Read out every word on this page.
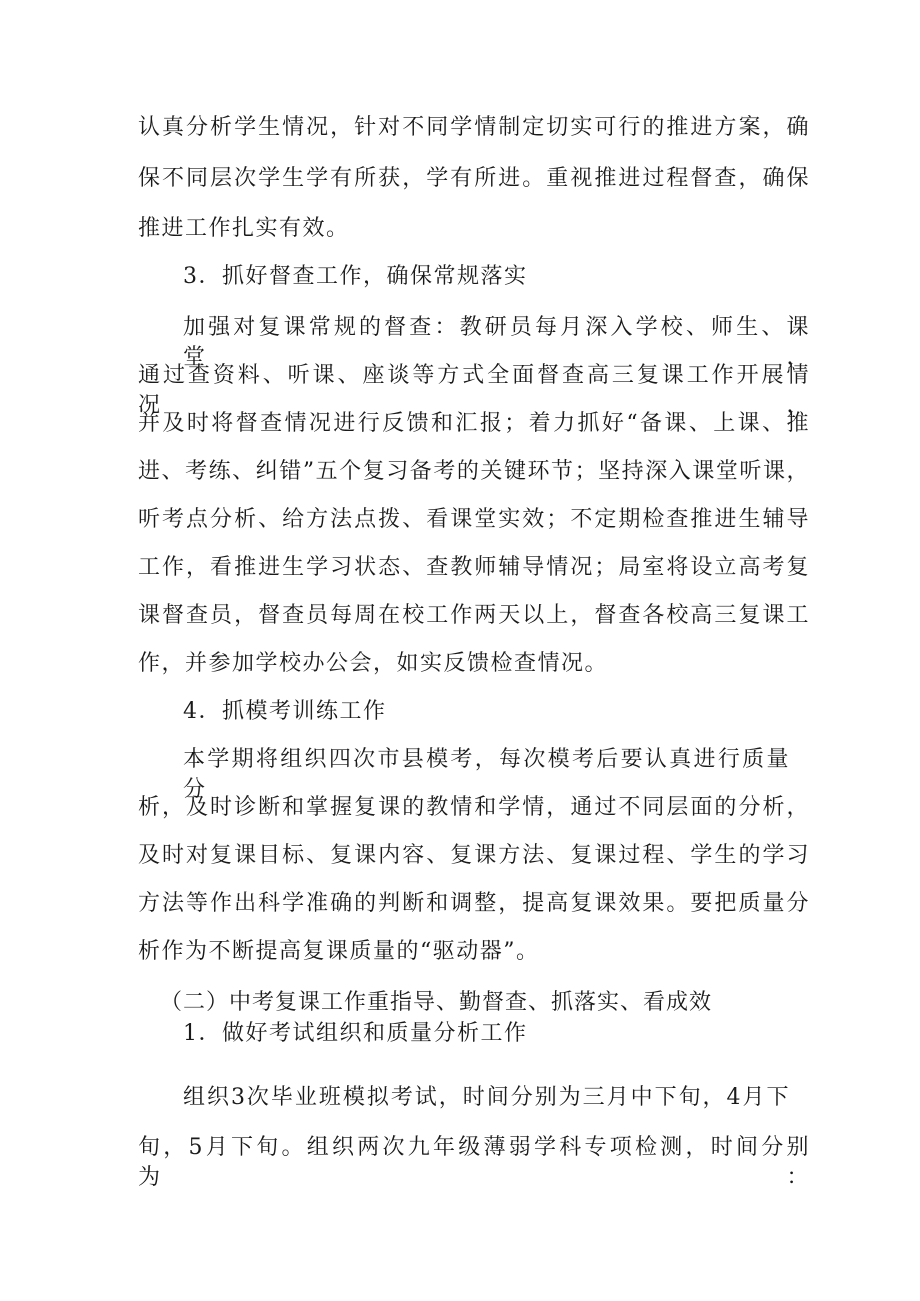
认真分析学生情况，针对不同学情制定切实可行的推进方案，确
保不同层次学生学有所获，学有所进。重视推进过程督查，确保
推进工作扎实有效。
3．抓好督查工作，确保常规落实
加强对复课常规的督查：教研员每月深入学校、师生、课堂，
通过查资料、听课、座谈等方式全面督查高三复课工作开展情况，
并及时将督查情况进行反馈和汇报；着力抓好“备课、上课、推
进、考练、纠错”五个复习备考的关键环节；坚持深入课堂听课，
听考点分析、给方法点拨、看课堂实效；不定期检查推进生辅导
工作，看推进生学习状态、查教师辅导情况；局室将设立高考复
课督查员，督查员每周在校工作两天以上，督查各校高三复课工
作，并参加学校办公会，如实反馈检查情况。
4．抓模考训练工作
本学期将组织四次市县模考，每次模考后要认真进行质量分
析，及时诊断和掌握复课的教情和学情，通过不同层面的分析，
及时对复课目标、复课内容、复课方法、复课过程、学生的学习
方法等作出科学准确的判断和调整，提高复课效果。要把质量分
析作为不断提高复课质量的“驱动器”。
（二）中考复课工作重指导、勤督查、抓落实、看成效
1．做好考试组织和质量分析工作
组织3次毕业班模拟考试，时间分别为三月中下旬，4月下
旬，5月下旬。组织两次九年级薄弱学科专项检测，时间分别为：
